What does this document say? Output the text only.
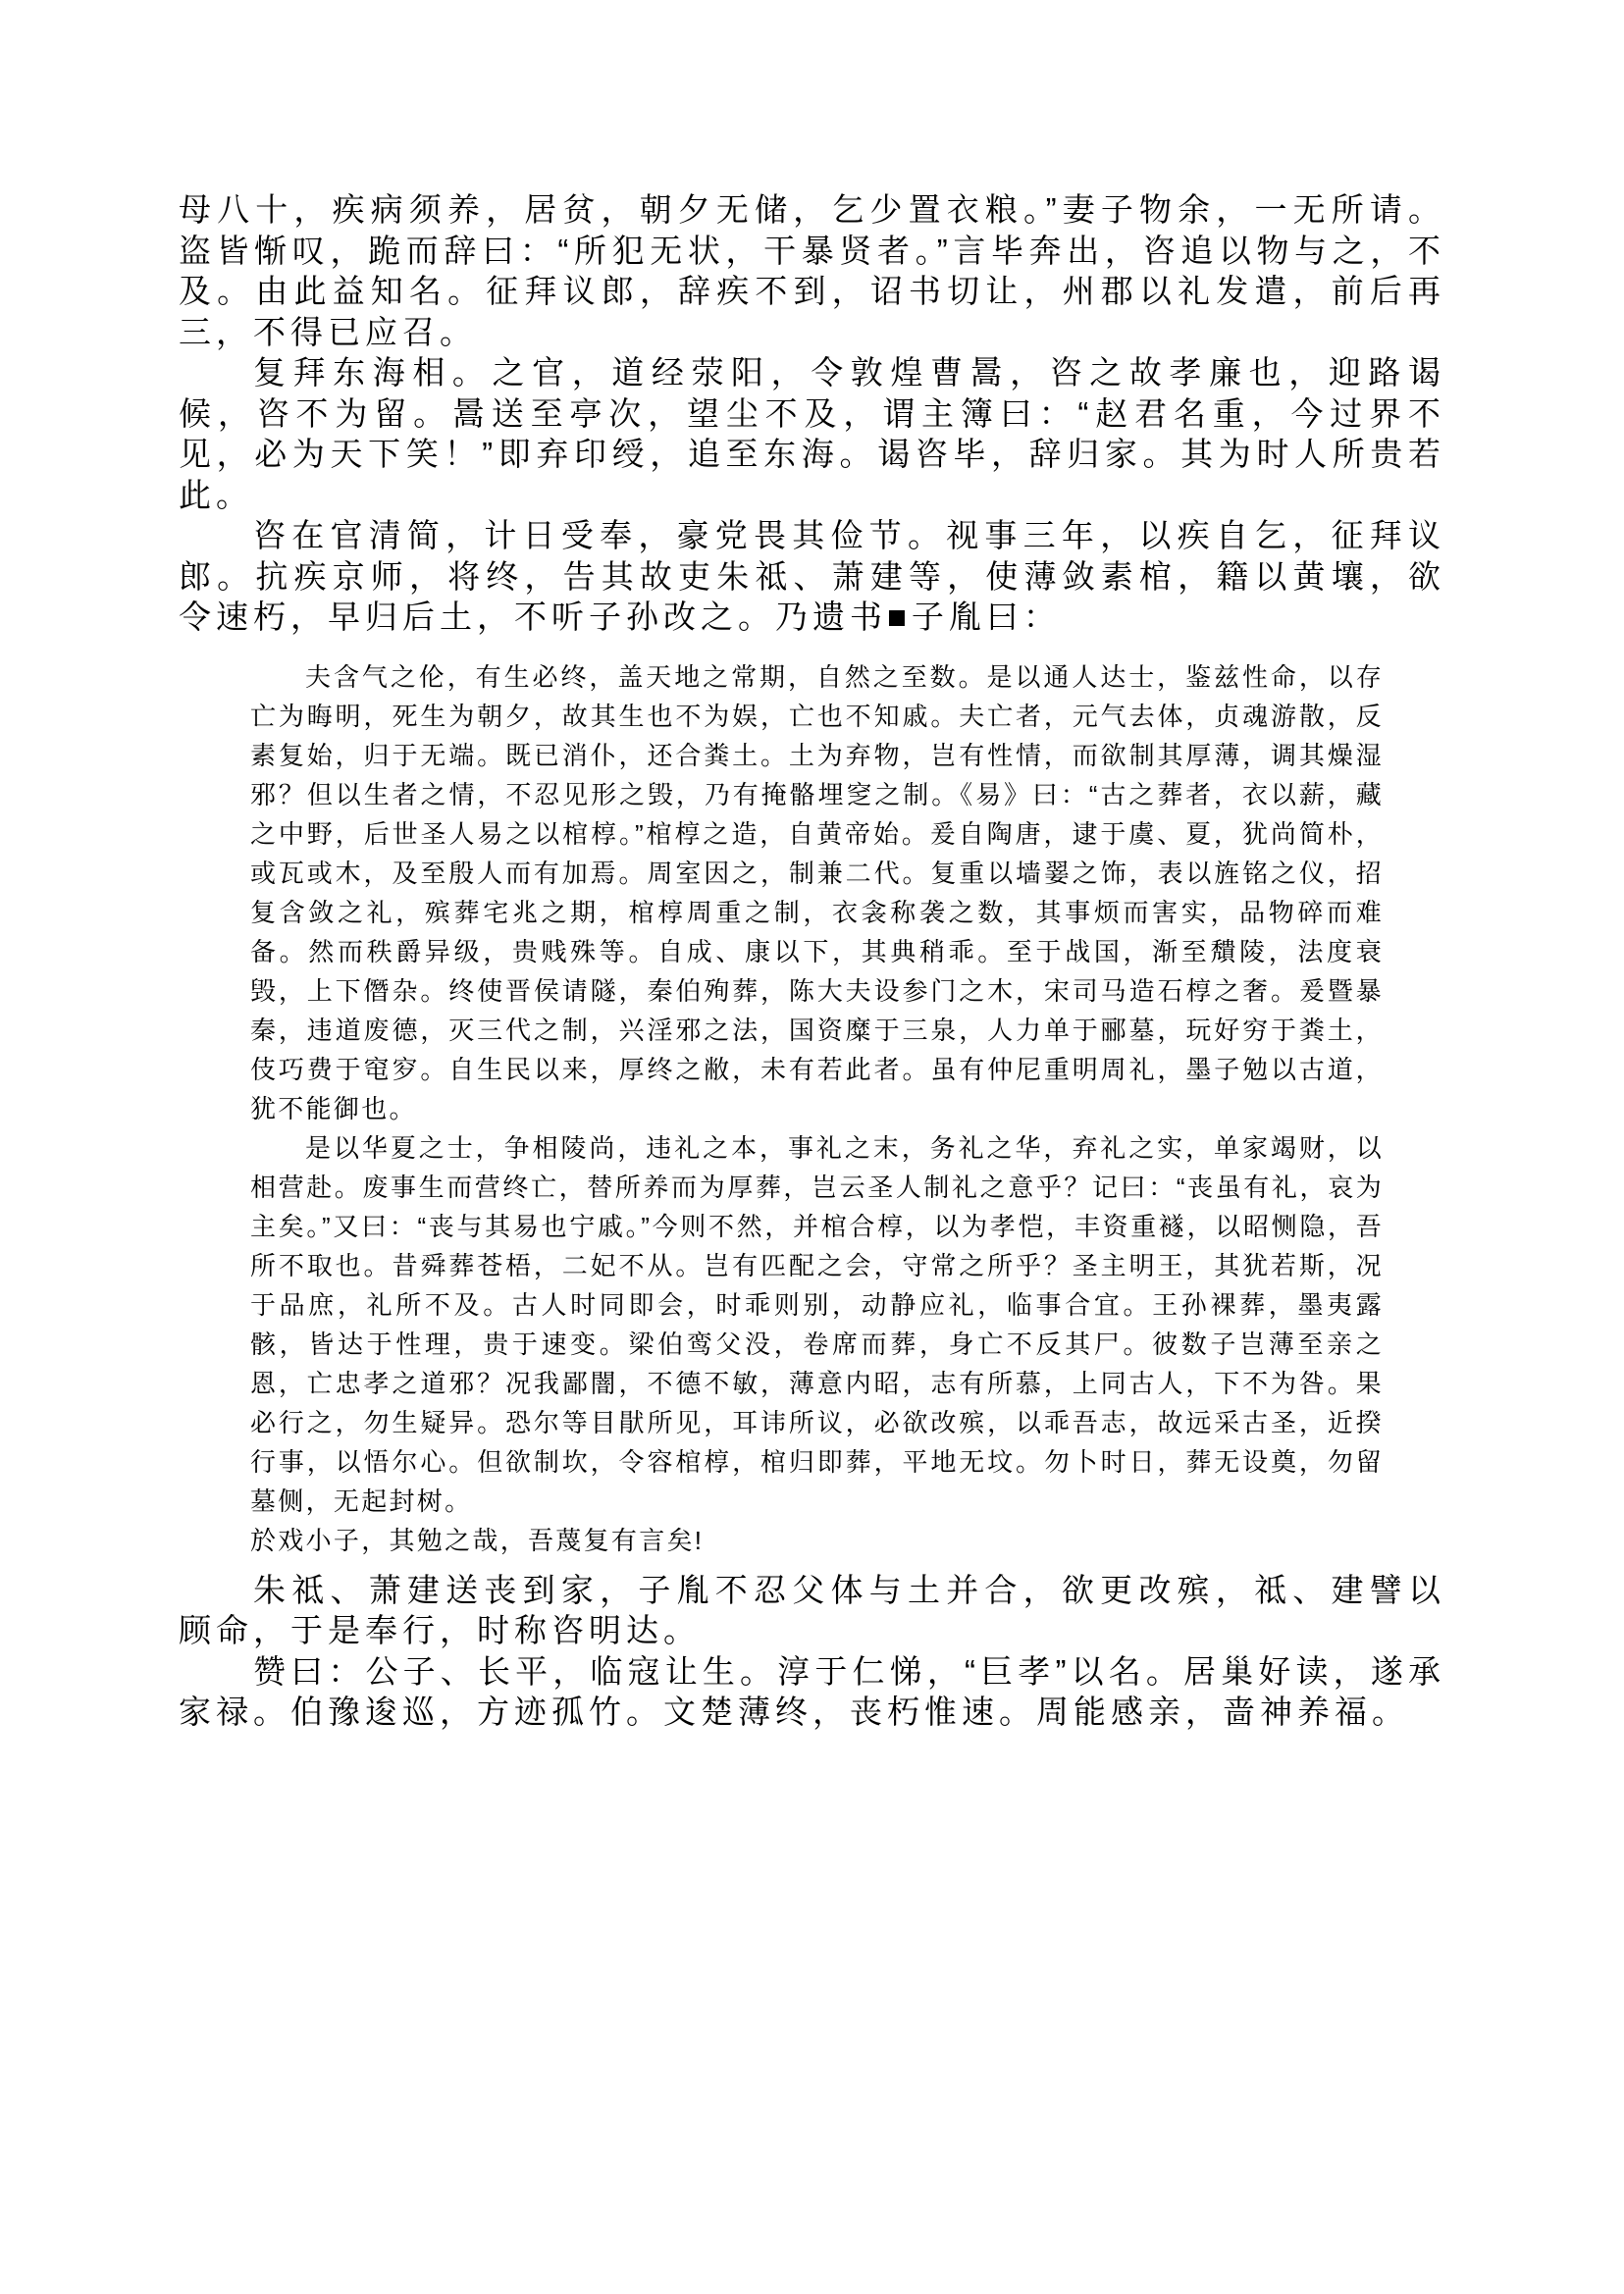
母八十，疾病须养，居贫，朝夕无储，乞少置衣粮。”妻子物余，一无所请。盗皆惭叹，跪而辞曰：“所犯无状，干暴贤者。”言毕奔出，咨追以物与之，不及。由此益知名。征拜议郎，辞疾不到，诏书切让，州郡以礼发遣，前后再三，不得已应召。

复拜东海相。之官，道经荥阳，令敦煌曹暠，咨之故孝廉也，迎路谒候，咨不为留。暠送至亭次，望尘不及，谓主簿曰：“赵君名重，今过界不见，必为天下笑！”即弃印绶，追至东海。谒咨毕，辞归家。其为时人所贵若此。

咨在官清简，计日受奉，豪党畏其俭节。视事三年，以疾自乞，征拜议郎。抗疾京师，将终，告其故吏朱祗、萧建等，使薄敛素棺，籍以黄壤，欲令速朽，早归后土，不听子孙改之。乃遗书■子胤曰：

夫含气之伦，有生必终，盖天地之常期，自然之至数。是以通人达士，鉴兹性命，以存亡为晦明，死生为朝夕，故其生也不为娱，亡也不知戚。夫亡者，元气去体，贞魂游散，反素复始，归于无端。既已消仆，还合粪土。土为弃物，岂有性情，而欲制其厚薄，调其燥湿邪？但以生者之情，不忍见形之毁，乃有掩骼埋窆之制。《易》曰：“古之葬者，衣以薪，藏之中野，后世圣人易之以棺椁。”棺椁之造，自黄帝始。爰自陶唐，逮于虞、夏，犹尚简朴，或瓦或木，及至殷人而有加焉。周室因之，制兼二代。复重以墙翣之饰，表以旌铭之仪，招复含敛之礼，殡葬宅兆之期，棺椁周重之制，衣衾称袭之数，其事烦而害实，品物碎而难备。然而秩爵异级，贵贱殊等。自成、康以下，其典稍乖。至于战国，渐至穨陵，法度衰毁，上下僭杂。终使晋侯请隧，秦伯殉葬，陈大夫设参门之木，宋司马造石椁之奢。爰暨暴秦，违道废德，灭三代之制，兴淫邪之法，国资糜于三泉，人力单于郦墓，玩好穷于粪土，伎巧费于窀穸。自生民以来，厚终之敝，未有若此者。虽有仲尼重明周礼，墨子勉以古道，犹不能御也。

是以华夏之士，争相陵尚，违礼之本，事礼之末，务礼之华，弃礼之实，单家竭财，以相营赴。废事生而营终亡，替所养而为厚葬，岂云圣人制礼之意乎？记曰：“丧虽有礼，哀为主矣。”又曰：“丧与其易也宁戚。”今则不然，并棺合椁，以为孝恺，丰资重襚，以昭恻隐，吾所不取也。昔舜葬苍梧，二妃不从。岂有匹配之会，守常之所乎？圣主明王，其犹若斯，况于品庶，礼所不及。古人时同即会，时乖则别，动静应礼，临事合宜。王孙裸葬，墨夷露骸，皆达于性理，贵于速变。梁伯鸾父没，卷席而葬，身亡不反其尸。彼数子岂薄至亲之恩，亡忠孝之道邪？况我鄙闇，不德不敏，薄意内昭，志有所慕，上同古人，下不为咎。果必行之，勿生疑异。恐尔等目猒所见，耳讳所议，必欲改殡，以乖吾志，故远采古圣，近揆行事，以悟尔心。但欲制坎，令容棺椁，棺归即葬，平地无坟。勿卜时日，葬无设奠，勿留墓侧，无起封树。

於戏小子，其勉之哉，吾蔑复有言矣!

朱祗、萧建送丧到家，子胤不忍父体与土并合，欲更改殡，祗、建譬以顾命，于是奉行，时称咨明达。

赞曰：公子、长平，临寇让生。淳于仁悌，“巨孝”以名。居巢好读，遂承家禄。伯豫逡巡，方迹孤竹。文楚薄终，丧朽惟速。周能感亲，啬神养福。
